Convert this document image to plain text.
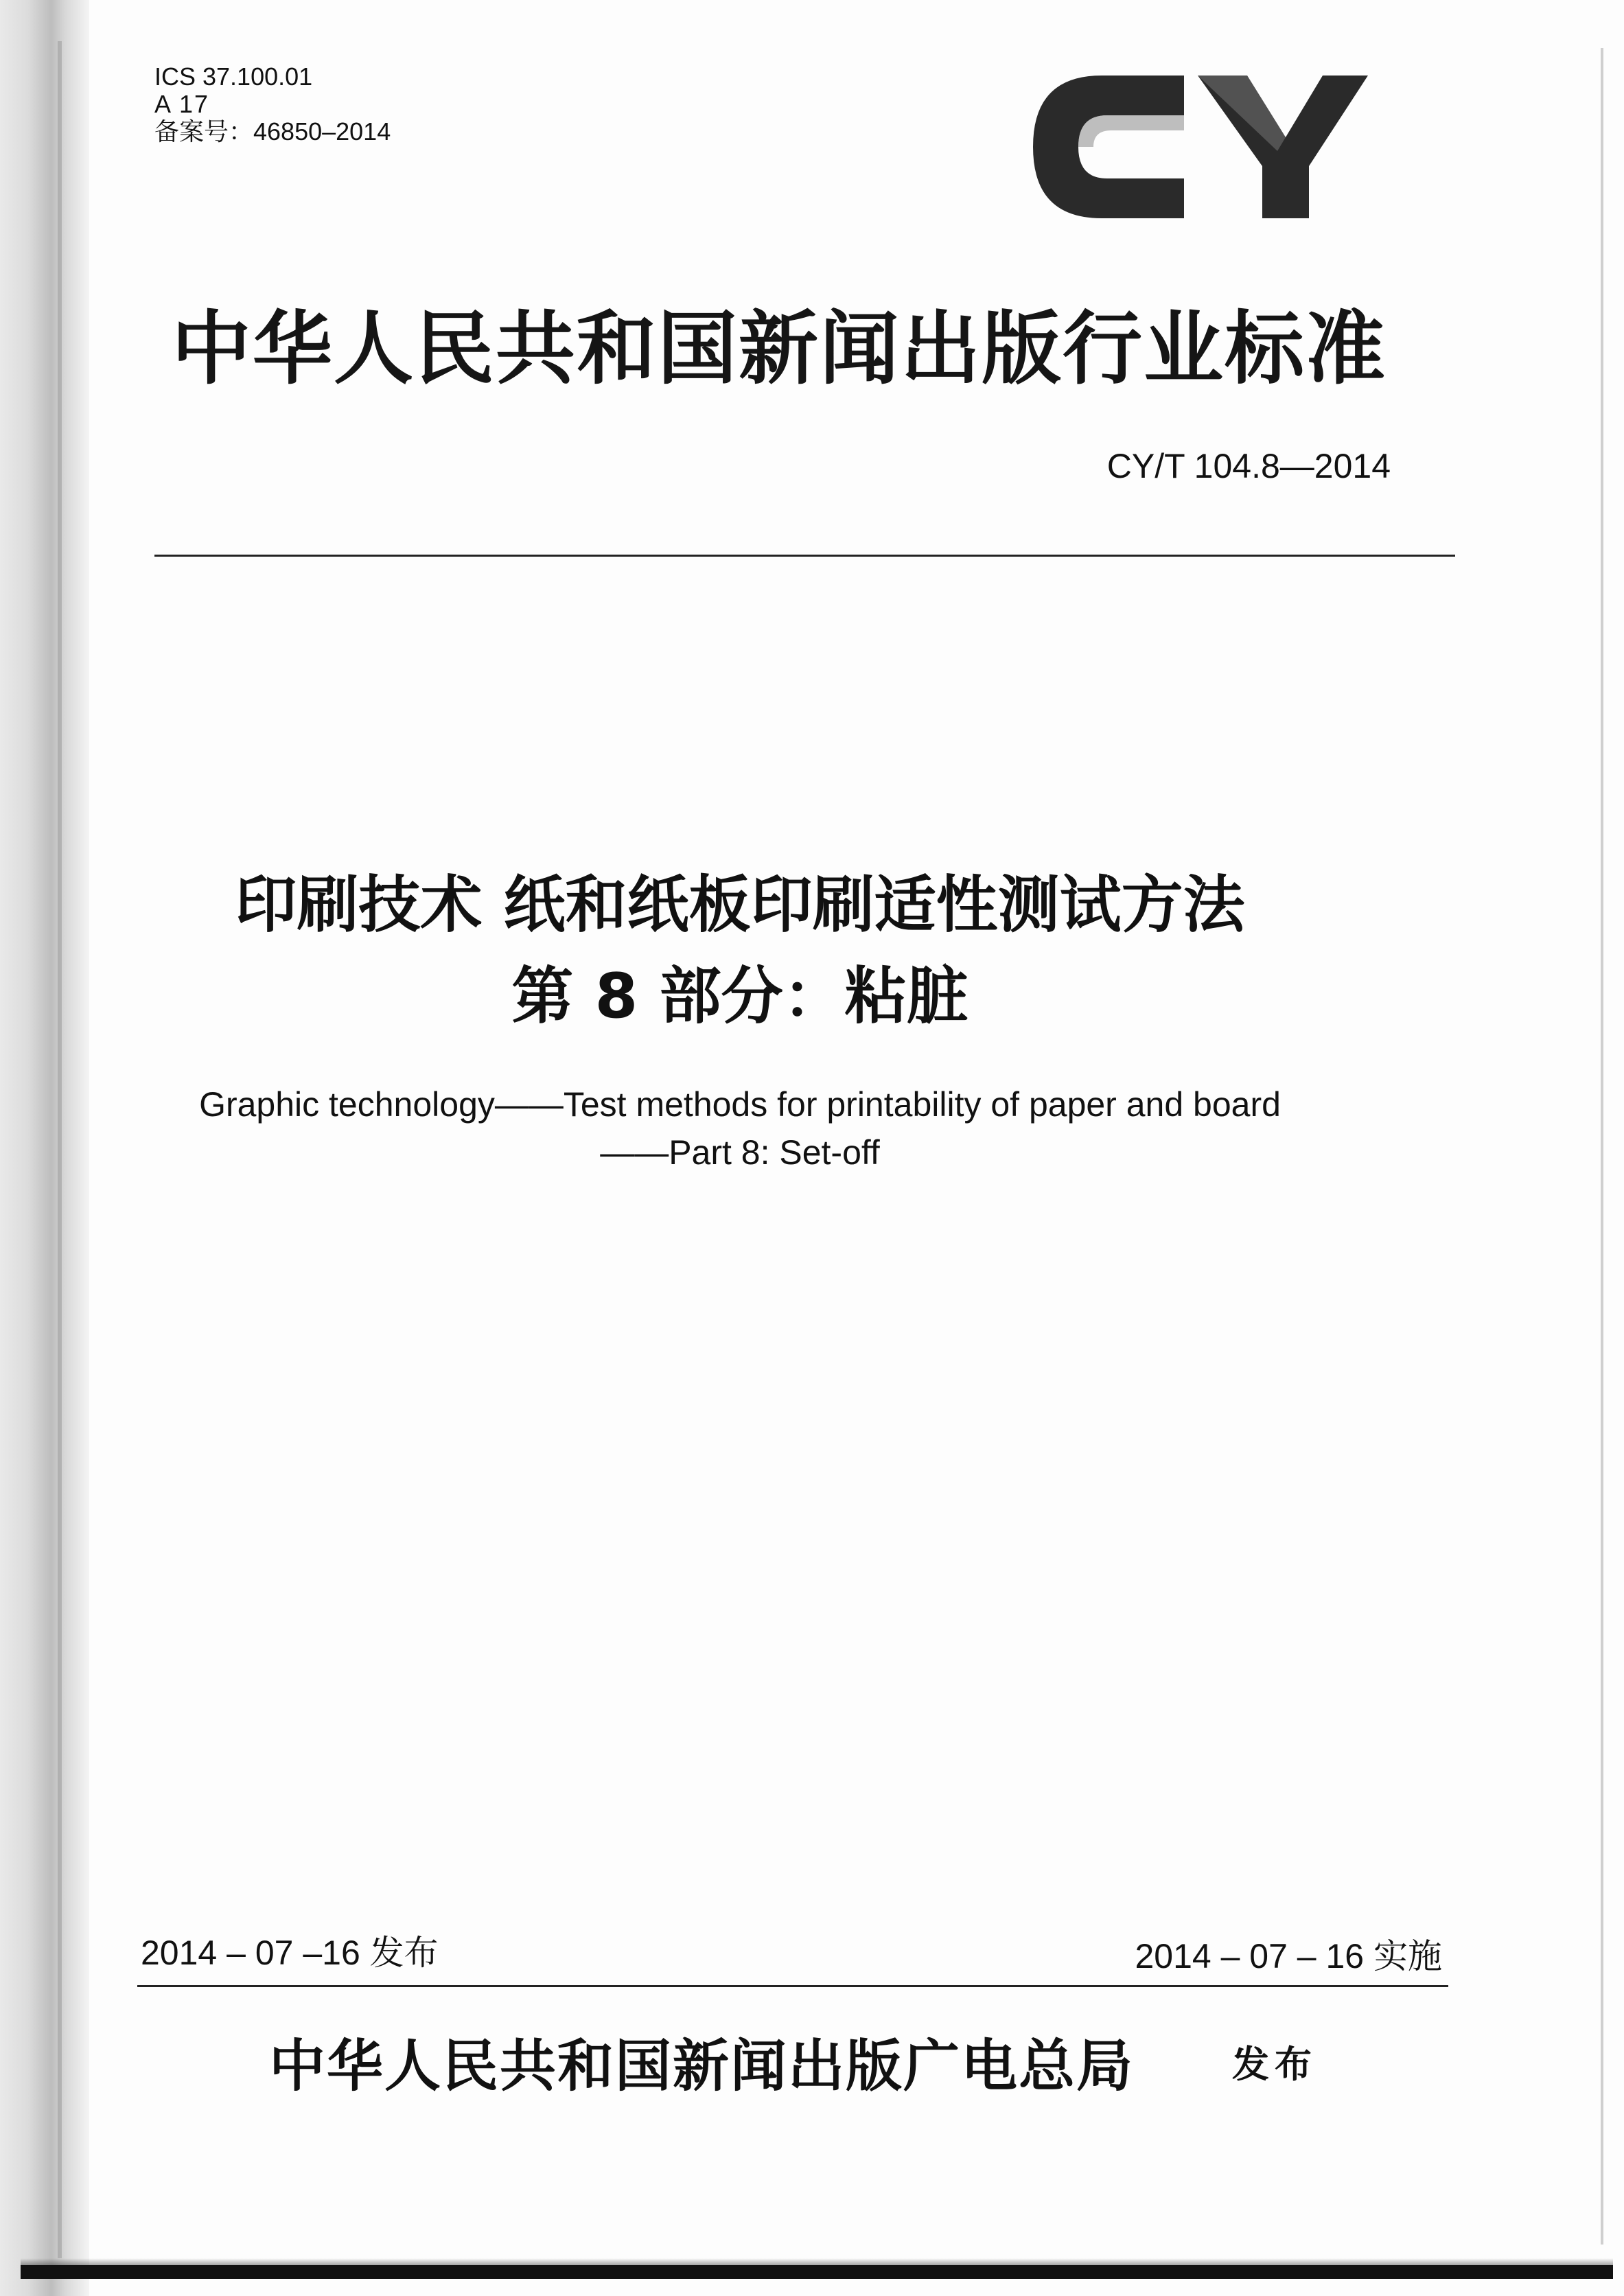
ICS 37.100.01
A 17
备案号：46850–2014
中华人民共和国新闻出版行业标准
CY/T 104.8—2014
印刷技术 纸和纸板印刷适性测试方法
第 8 部分：粘脏
Graphic technology——Test methods for printability of paper and board
——Part 8: Set-off
2014 – 07 –16 发布	2014 – 07 – 16 实施
中华人民共和国新闻出版广电总局	发布
